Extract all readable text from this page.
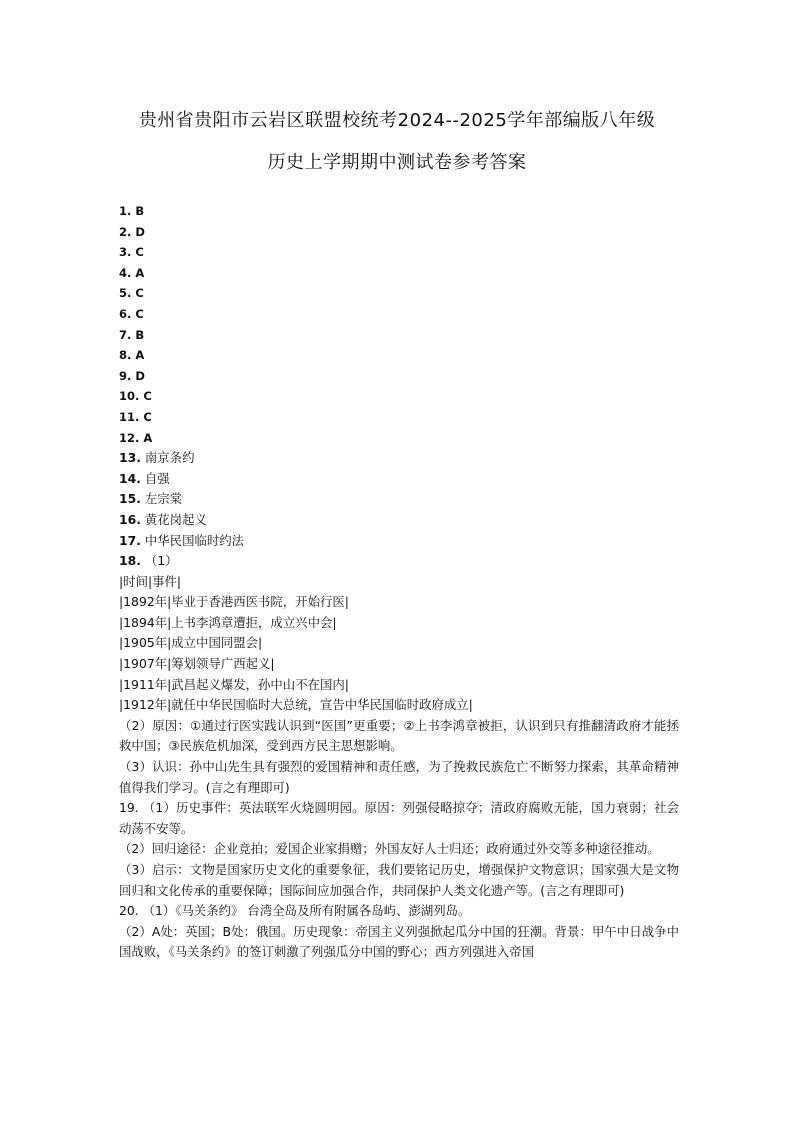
贵州省贵阳市云岩区联盟校统考2024--2025学年部编版八年级
历史上学期期中测试卷参考答案
1. B
2. D
3. C
4. A
5. C
6. C
7. B
8. A
9. D
10. C
11. C
12. A
13. 南京条约
14. 自强
15. 左宗棠
16. 黄花岗起义
17. 中华民国临时约法
18. （1）
|时间|事件|
|1892年|毕业于香港西医书院，开始行医|
|1894年|上书李鸿章遭拒，成立兴中会|
|1905年|成立中国同盟会|
|1907年|筹划领导广西起义|
|1911年|武昌起义爆发，孙中山不在国内|
|1912年|就任中华民国临时大总统，宣告中华民国临时政府成立|

（2）原因：①通过行医实践认识到“医国”更重要；②上书李鸿章被拒，认识到只有推翻清政府才能拯救中国；③民族危机加深，受到西方民主思想影响。

（3）认识：孙中山先生具有强烈的爱国精神和责任感，为了挽救民族危亡不断努力探索，其革命精神值得我们学习。(言之有理即可)

19. （1）历史事件：英法联军火烧圆明园。原因：列强侵略掠夺；清政府腐败无能，国力衰弱；社会动荡不安等。

（2）回归途径：企业竞拍；爱国企业家捐赠；外国友好人士归还；政府通过外交等多种途径推动。

（3）启示：文物是国家历史文化的重要象征，我们要铭记历史，增强保护文物意识；国家强大是文物回归和文化传承的重要保障；国际间应加强合作，共同保护人类文化遗产等。(言之有理即可)

20. （1）《马关条约》 台湾全岛及所有附属各岛屿、澎湖列岛。

（2）A处：英国；B处：俄国。历史现象：帝国主义列强掀起瓜分中国的狂潮。背景：甲午中日战争中国战败，《马关条约》的签订刺激了列强瓜分中国的野心；西方列强进入帝国
